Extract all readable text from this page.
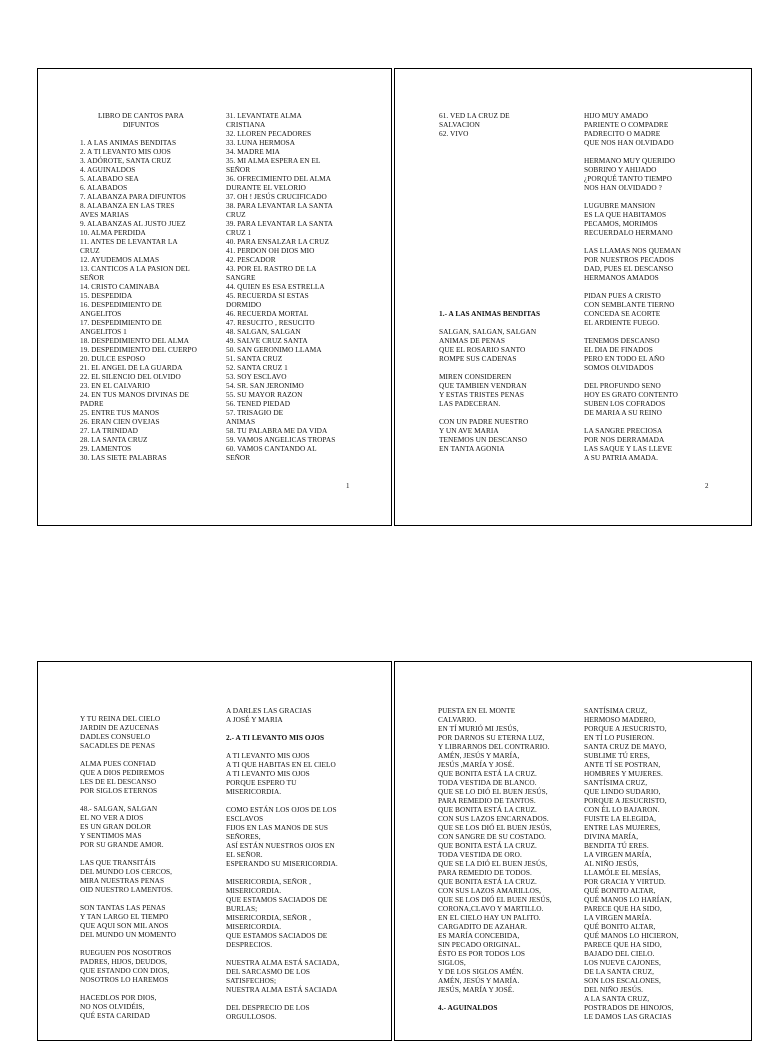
LIBRO DE CANTOS PARA
DIFUNTOS
1. A LAS ANIMAS BENDITAS
2. A TI LEVANTO MIS OJOS
3. ADÓROTE, SANTA CRUZ
4. AGUINALDOS
5. ALABADO SEA
6. ALABADOS
7. ALABANZA PARA DIFUNTOS
8. ALABANZA EN LAS TRES
AVES MARIAS
9. ALABANZAS AL JUSTO JUEZ
10. ALMA PERDIDA
11. ANTES DE LEVANTAR LA
CRUZ
12. AYUDEMOS ALMAS
13. CANTICOS A LA PASION DEL
SEÑOR
14. CRISTO CAMINABA
15. DESPEDIDA
16. DESPEDIMIENTO DE
ANGELITOS
17. DESPEDIMIENTO DE
ANGELITOS 1
18. DESPEDIMIENTO DEL ALMA
19. DESPEDIMIENTO DEL CUERPO
20. DULCE ESPOSO
21. EL ANGEL DE LA GUARDA
22. EL SILENCIO DEL OLVIDO
23. EN EL CALVARIO
24. EN TUS MANOS DIVINAS DE
PADRE
25. ENTRE TUS MANOS
26. ERAN CIEN OVEJAS
27. LA TRINIDAD
28. LA SANTA CRUZ
29. LAMENTOS
30. LAS SIETE PALABRAS
31. LEVANTATE ALMA
CRISTIANA
32. LLOREN PECADORES
33. LUNA HERMOSA
34. MADRE MIA
35. MI ALMA ESPERA EN EL
SEÑOR
36. OFRECIMIENTO DEL ALMA
DURANTE EL VELORIO
37. OH ! JESÚS CRUCIFICADO
38. PARA LEVANTAR LA SANTA
CRUZ
39. PARA LEVANTAR LA SANTA
CRUZ 1
40. PARA ENSALZAR LA CRUZ
41. PERDON OH DIOS MIO
42. PESCADOR
43. POR EL RASTRO DE LA
SANGRE
44. QUIEN ES ESA ESTRELLA
45. RECUERDA SI ESTAS
DORMIDO
46. RECUERDA MORTAL
47. RESUCITO , RESUCITO
48. SALGAN, SALGAN
49. SALVE CRUZ SANTA
50. SAN GERONIMO LLAMA
51. SANTA CRUZ
52. SANTA CRUZ 1
53. SOY ESCLAVO
54. SR. SAN JERONIMO
55. SU MAYOR RAZON
56. TENED PIEDAD
57. TRISAGIO DE
ANIMAS
58. TU PALABRA ME DA VIDA
59. VAMOS ANGELICAS TROPAS
60. VAMOS CANTANDO AL
SEÑOR
1
61. VED LA CRUZ DE
SALVACION
62. VIVO
1.- A LAS ANIMAS BENDITAS
SALGAN, SALGAN, SALGAN
ANIMAS DE PENAS
QUE EL ROSARIO SANTO
ROMPE SUS CADENAS
MIREN CONSIDEREN
QUE TAMBIEN VENDRAN
Y ESTAS TRISTES PENAS
LAS PADECERAN.
CON UN PADRE NUESTRO
Y UN AVE MARIA
TENEMOS UN DESCANSO
EN TANTA AGONIA
HIJO MUY AMADO
PARIENTE O COMPADRE
PADRECITO O MADRE
QUE NOS HAN OLVIDADO
HERMANO MUY QUERIDO
SOBRINO Y AHIJADO
¿PORQUÉ TANTO TIEMPO
NOS HAN OLVIDADO ?
LUGUBRE MANSION
ES LA QUE HABITAMOS
PECAMOS, MORIMOS
RECUERDALO HERMANO
LAS LLAMAS NOS QUEMAN
POR NUESTROS PECADOS
DAD, PUES EL DESCANSO
HERMANOS AMADOS
PIDAN PUES A CRISTO
CON SEMBLANTE TIERNO
CONCEDA SE ACORTE
EL ARDIENTE FUEGO.
TENEMOS DESCANSO
EL DIA DE FINADOS
PERO EN TODO EL AÑO
SOMOS OLVIDADOS
DEL PROFUNDO SENO
HOY ES GRATO CONTENTO
SUBEN LOS COFRADOS
DE MARIA A SU REINO
LA SANGRE PRECIOSA
POR NOS DERRAMADA
LAS SAQUE Y LAS LLEVE
A SU PATRIA AMADA.
2
Y TU REINA DEL CIELO
JARDIN DE AZUCENAS
DADLES CONSUELO
SACADLES DE PENAS
ALMA PUES CONFIAD
QUE A DIOS PEDIREMOS
LES DE EL DESCANSO
POR SIGLOS ETERNOS
48.- SALGAN, SALGAN
EL NO VER A DIOS
ES UN GRAN DOLOR
Y SENTIMOS MAS
POR SU GRANDE AMOR.
LAS QUE TRANSITÁIS
DEL MUNDO LOS CERCOS,
MIRA NUESTRAS PENAS
OID NUESTRO LAMENTOS.
SON TANTAS LAS PENAS
Y TAN LARGO EL TIEMPO
QUE AQUI SON MIL ANOS
DEL MUNDO UN MOMENTO
RUEGUEN POS NOSOTROS
PADRES, HIJOS, DEUDOS,
QUE ESTANDO CON DIOS,
NOSOTROS LO HAREMOS
HACEDLOS POR DIOS,
NO NOS OLVIDÉIS,
QUÉ ESTA CARIDAD
A DARLES LAS GRACIAS
A JOSÉ Y MARIA
2.- A TI LEVANTO MIS OJOS
A TI LEVANTO MIS OJOS
A TI QUE HABITAS EN EL CIELO
A TI LEVANTO MIS OJOS
PORQUE ESPERO TU
MISERICORDIA.
COMO ESTÁN LOS OJOS DE LOS
ESCLAVOS
FIJOS EN LAS MANOS DE SUS
SEÑORES,
ASÍ ESTÁN NUESTROS OJOS EN
EL SEÑOR.
ESPERANDO SU MISERICORDIA.
MISERICORDIA, SEÑOR ,
MISERICORDIA.
QUE ESTAMOS SACIADOS DE
BURLAS;
MISERICORDIA, SEÑOR ,
MISERICORDIA.
QUE ESTAMOS SACIADOS DE
DESPRECIOS.
NUESTRA ALMA ESTÁ SACIADA,
DEL SARCASMO DE LOS
SATISFECHOS;
NUESTRA ALMA ESTÁ SACIADA
DEL DESPRECIO DE LOS
ORGULLOSOS.
PUESTA EN EL MONTE
CALVARIO.
EN TÍ MURIÓ MI JESÚS,
POR DARNOS SU ETERNA LUZ,
Y LIBRARNOS DEL CONTRARIO.
AMÉN, JESÚS Y MARÍA,
JESÚS ,MARÍA Y JOSÉ.
QUE BONITA ESTÁ LA CRUZ.
TODA VESTIDA DE BLANCO.
QUE SE LO DIÓ EL BUEN JESÚS,
PARA REMEDIO DE TANTOS.
QUE BONITA ESTÁ LA CRUZ.
CON SUS LAZOS ENCARNADOS.
QUE SE LOS DIÓ EL BUEN JESÚS,
CON SANGRE DE SU COSTADO.
QUE BONITA ESTÁ LA CRUZ.
TODA VESTIDA DE ORO.
QUE SE LA DIÓ EL BUEN JESÚS,
PARA REMEDIO DE TODOS.
QUE BONITA ESTÁ LA CRUZ.
CON SUS LAZOS AMARILLOS,
QUE SE LOS DIÓ EL BUEN JESÚS,
CORONA,CLAVO Y MARTILLO.
EN EL CIELO HAY UN PALITO.
CARGADITO DE AZAHAR.
ES MARÍA CONCEBIDA,
SIN PECADO ORIGINAL.
ÉSTO ES POR TODOS LOS
SIGLOS,
Y DE LOS SIGLOS AMÉN.
AMÉN, JESÚS Y MARÍA.
JESÚS, MARÍA Y JOSÉ.
4.- AGUINALDOS
SANTÍSIMA CRUZ,
HERMOSO MADERO,
PORQUE A JESUCRISTO,
EN TÍ LO PUSIERON.
SANTA CRUZ DE MAYO,
SUBLIME TÚ ERES,
ANTE TÍ SE POSTRAN,
HOMBRES Y MUJERES.
SANTÍSIMA CRUZ,
QUE LINDO SUDARIO,
PORQUE A JESUCRISTO,
CON ÉL LO BAJARON.
FUISTE LA ELEGIDA,
ENTRE LAS MUJERES,
DIVINA MARÍA,
BENDITA TÚ ERES.
LA VIRGEN MARÍA,
AL NIÑO JESÚS,
LLAMÓLE EL MESÍAS,
POR GRACIA Y VIRTUD.
QUÉ BONITO ALTAR,
QUÉ MANOS LO HARÍAN,
PARECE QUE HA SIDO,
LA VIRGEN MARÍA.
QUÉ BONITO ALTAR,
QUÉ MANOS LO HICIERON,
PARECE QUE HA SIDO,
BAJADO DEL CIELO.
LOS NUEVE CAJONES,
DE LA SANTA CRUZ,
SON LOS ESCALONES,
DEL NIÑO JESÚS.
A LA SANTA CRUZ,
POSTRADOS DE HINOJOS,
LE DAMOS LAS GRACIAS
